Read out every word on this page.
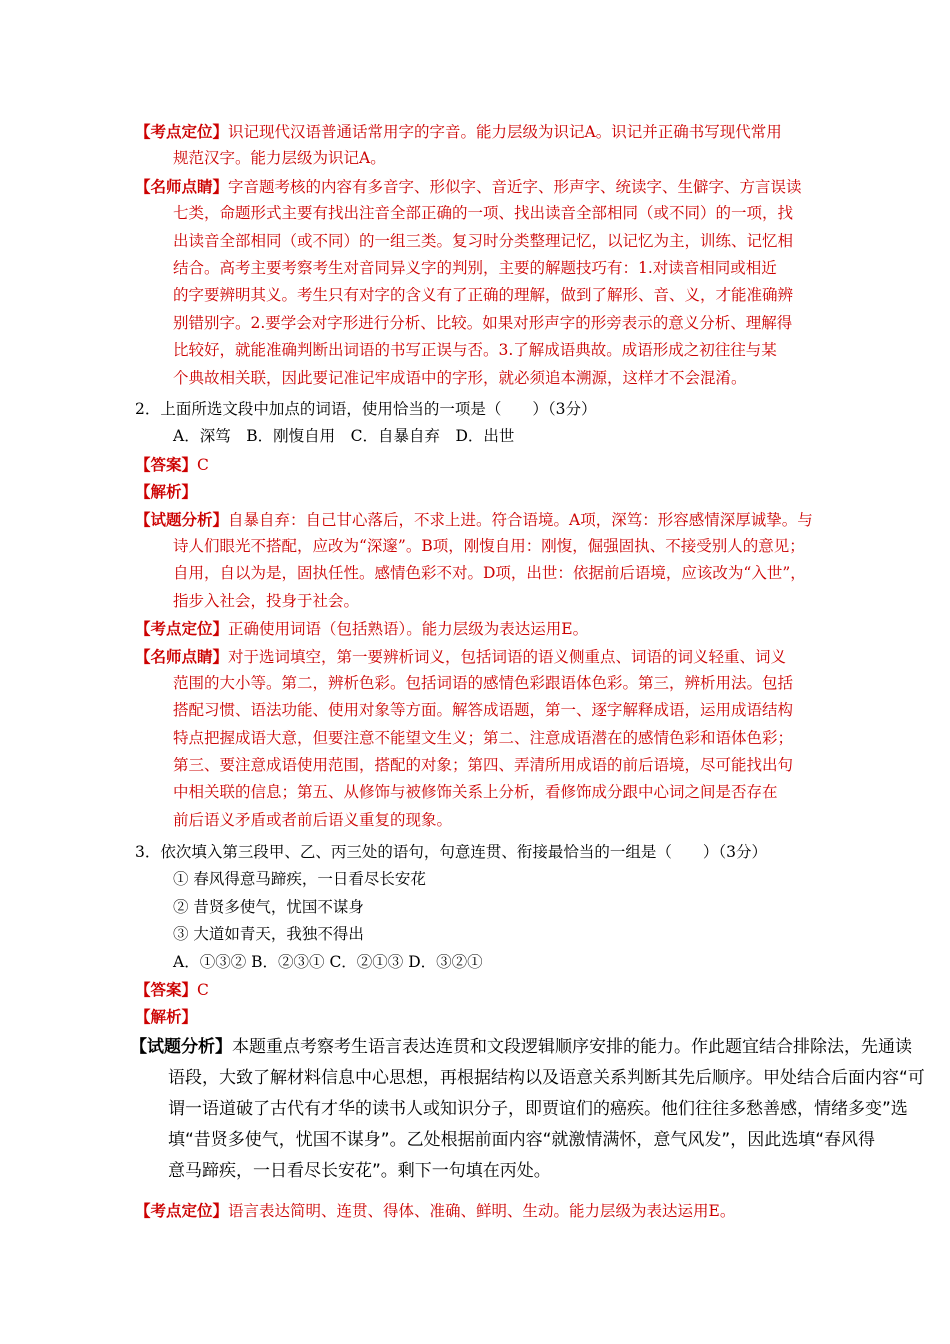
【考点定位】识记现代汉语普通话常用字的字音。能力层级为识记A。识记并正确书写现代常用
规范汉字。能力层级为识记A。
【名师点睛】字音题考核的内容有多音字、形似字、音近字、形声字、统读字、生僻字、方言误读
七类，命题形式主要有找出注音全部正确的一项、找出读音全部相同（或不同）的一项，找
出读音全部相同（或不同）的一组三类。复习时分类整理记忆，以记忆为主，训练、记忆相
结合。高考主要考察考生对音同异义字的判别，主要的解题技巧有：1.对读音相同或相近
的字要辨明其义。考生只有对字的含义有了正确的理解，做到了解形、音、义，才能准确辨
别错别字。2.要学会对字形进行分析、比较。如果对形声字的形旁表示的意义分析、理解得
比较好，就能准确判断出词语的书写正误与否。3.了解成语典故。成语形成之初往往与某
个典故相关联，因此要记准记牢成语中的字形，就必须追本溯源，这样才不会混淆。
2．上面所选文段中加点的词语，使用恰当的一项是（　　）（3分）
A．深笃　B．刚愎自用　C．自暴自弃　D．出世
【答案】C
【解析】
【试题分析】自暴自弃：自己甘心落后，不求上进。符合语境。A项，深笃：形容感情深厚诚挚。与
诗人们眼光不搭配，应改为“深邃”。B项，刚愎自用：刚愎，倔强固执、不接受别人的意见；
自用，自以为是，固执任性。感情色彩不对。D项，出世：依据前后语境，应该改为“入世”，
指步入社会，投身于社会。
【考点定位】正确使用词语（包括熟语）。能力层级为表达运用E。
【名师点睛】对于选词填空，第一要辨析词义，包括词语的语义侧重点、词语的词义轻重、词义
范围的大小等。第二，辨析色彩。包括词语的感情色彩跟语体色彩。第三，辨析用法。包括
搭配习惯、语法功能、使用对象等方面。解答成语题，第一、逐字解释成语，运用成语结构
特点把握成语大意，但要注意不能望文生义；第二、注意成语潜在的感情色彩和语体色彩；
第三、要注意成语使用范围，搭配的对象；第四、弄清所用成语的前后语境，尽可能找出句
中相关联的信息；第五、从修饰与被修饰关系上分析，看修饰成分跟中心词之间是否存在
前后语义矛盾或者前后语义重复的现象。
3．依次填入第三段甲、乙、丙三处的语句，句意连贯、衔接最恰当的一组是（　　）（3分）
① 春风得意马蹄疾，一日看尽长安花
② 昔贤多使气，忧国不谋身
③ 大道如青天，我独不得出
A．①③② B．②③① C．②①③ D．③②①
【答案】C
【解析】
【试题分析】本题重点考察考生语言表达连贯和文段逻辑顺序安排的能力。作此题宜结合排除法，先通读
语段，大致了解材料信息中心思想，再根据结构以及语意关系判断其先后顺序。甲处结合后面内容“可
谓一语道破了古代有才华的读书人或知识分子，即贾谊们的癌疾。他们往往多愁善感，情绪多变”选
填“昔贤多使气，忧国不谋身”。乙处根据前面内容“就激情满怀，意气风发”，因此选填“春风得
意马蹄疾，一日看尽长安花”。剩下一句填在丙处。
【考点定位】语言表达简明、连贯、得体、准确、鲜明、生动。能力层级为表达运用E。
